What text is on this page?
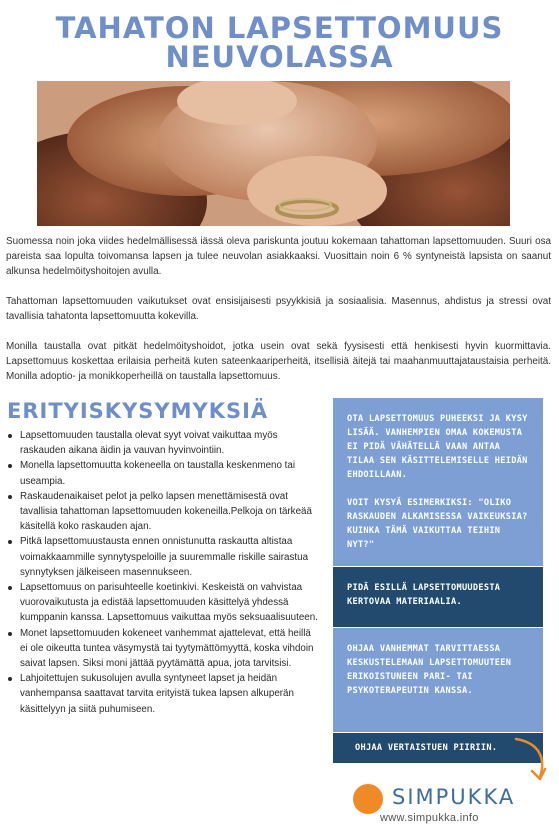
TAHATON LAPSETTOMUUS
NEUVOLASSA

Suomessa noin joka viides hedelmällisessä iässä oleva pariskunta joutuu kokemaan tahattoman lapsettomuuden. Suuri osa pareista saa lopulta toivomansa lapsen ja tulee neuvolan asiakkaaksi. Vuosittain noin 6 % syntyneistä lapsista on saanut alkunsa hedelmöityshoitojen avulla.

Tahattoman lapsettomuuden vaikutukset ovat ensisijaisesti psyykkisiä ja sosiaalisia. Masennus, ahdistus ja stressi ovat tavallisia tahatonta lapsettomuutta kokevilla.

Monilla taustalla ovat pitkät hedelmöityshoidot, jotka usein ovat sekä fyysisesti että henkisesti hyvin kuormittavia. Lapsettomuus koskettaa erilaisia perheitä kuten sateenkaariperheitä, itsellisiä äitejä tai maahanmuuttajataustaisia perheitä. Monilla adoptio- ja monikkoperheillä on taustalla lapsettomuus.

ERITYISKYSYMYKSIÄ
Lapsettomuuden taustalla olevat syyt voivat vaikuttaa myös raskauden aikana äidin ja vauvan hyvinvointiin.
Monella lapsettomuutta kokeneella on taustalla keskenmeno tai useampia.
Raskaudenaikaiset pelot ja pelko lapsen menettämisestä ovat tavallisia tahattoman lapsettomuuden kokeneilla.Pelkoja on tärkeää käsitellä koko raskauden ajan.
Pitkä lapsettomuustausta ennen onnistunutta raskautta altistaa voimakkaammille synnytyspeloille ja suuremmalle riskille sairastua synnytyksen jälkeiseen masennukseen.
Lapsettomuus on parisuhteelle koetinkivi. Keskeistä on vahvistaa vuorovaikutusta ja edistää lapsettomuuden käsittelyä yhdessä kumppanin kanssa. Lapsettomuus vaikuttaa myös seksuaalisuuteen.
Monet lapsettomuuden kokeneet vanhemmat ajattelevat, että heillä ei ole oikeutta tuntea väsymystä tai tyytymättömyyttä, koska vihdoin saivat lapsen. Siksi moni jättää pyytämättä apua, jota tarvitsisi.
Lahjoitettujen sukusolujen avulla syntyneet lapset ja heidän vanhempansa saattavat tarvita erityistä tukea lapsen alkuperän käsittelyyn ja siitä puhumiseen.
OTA LAPSETTOMUUS PUHEEKSI JA KYSY LISÄÄ. VANHEMPIEN OMAA KOKEMUSTA EI PIDÄ VÄHÄTELLÄ VAAN ANTAA TILAA SEN KÄSITTELEMISELLE HEIDÄN EHDOILLAAN.
VOIT KYSYÄ ESIMERKIKSI: "OLIKO RASKAUDEN ALKAMISESSA VAIKEUKSIA? KUINKA TÄMÄ VAIKUTTAA TEIHIN NYT?"
PIDÄ ESILLÄ LAPSETTOMUUDESTA KERTOVAA MATERIAALIA.
OHJAA VANHEMMAT TARVITTAESSA KESKUSTELEMAAN LAPSETTOMUUTEEN ERIKOISTUNEEN PARI- TAI PSYKOTERAPEUTIN KANSSA.
OHJAA VERTAISTUEN PIIRIIN.
SIMPUKKA
www.simpukka.info
